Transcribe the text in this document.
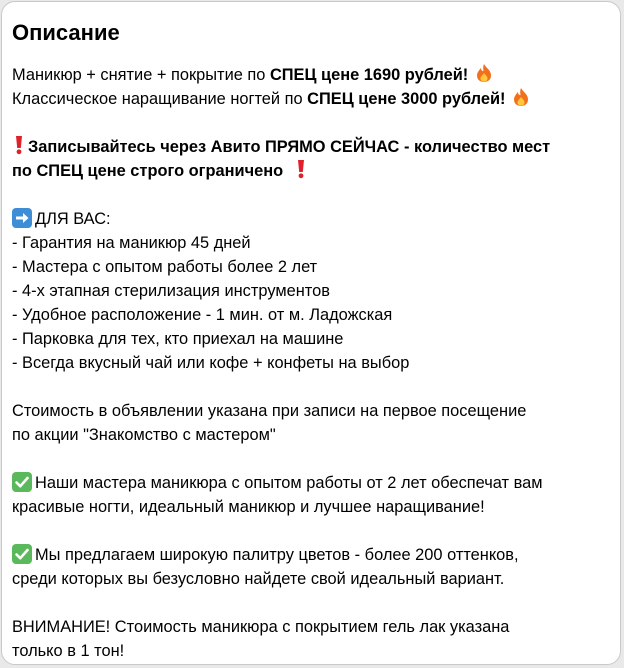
Описание
Маникюр + снятие + покрытие по СПЕЦ цене 1690 рублей!
Классическое наращивание ногтей по СПЕЦ цене 3000 рублей!
Записывайтесь через Авито ПРЯМО СЕЙЧАС - количество мест
по СПЕЦ цене строго ограничено
ДЛЯ ВАС:
- Гарантия на маникюр 45 дней
- Мастера с опытом работы более 2 лет
- 4-х этапная стерилизация инструментов
- Удобное расположение - 1 мин. от м. Ладожская
- Парковка для тех, кто приехал на машине
- Всегда вкусный чай или кофе + конфеты на выбор
Стоимость в объявлении указана при записи на первое посещение
по акции "Знакомство с мастером"
Наши мастера маникюра с опытом работы от 2 лет обеспечат вам
красивые ногти, идеальный маникюр и лучшее наращивание!
Мы предлагаем широкую палитру цветов - более 200 оттенков,
среди которых вы безусловно найдете свой идеальный вариант.
ВНИМАНИЕ! Стоимость маникюра с покрытием гель лак указана
только в 1 тон!
